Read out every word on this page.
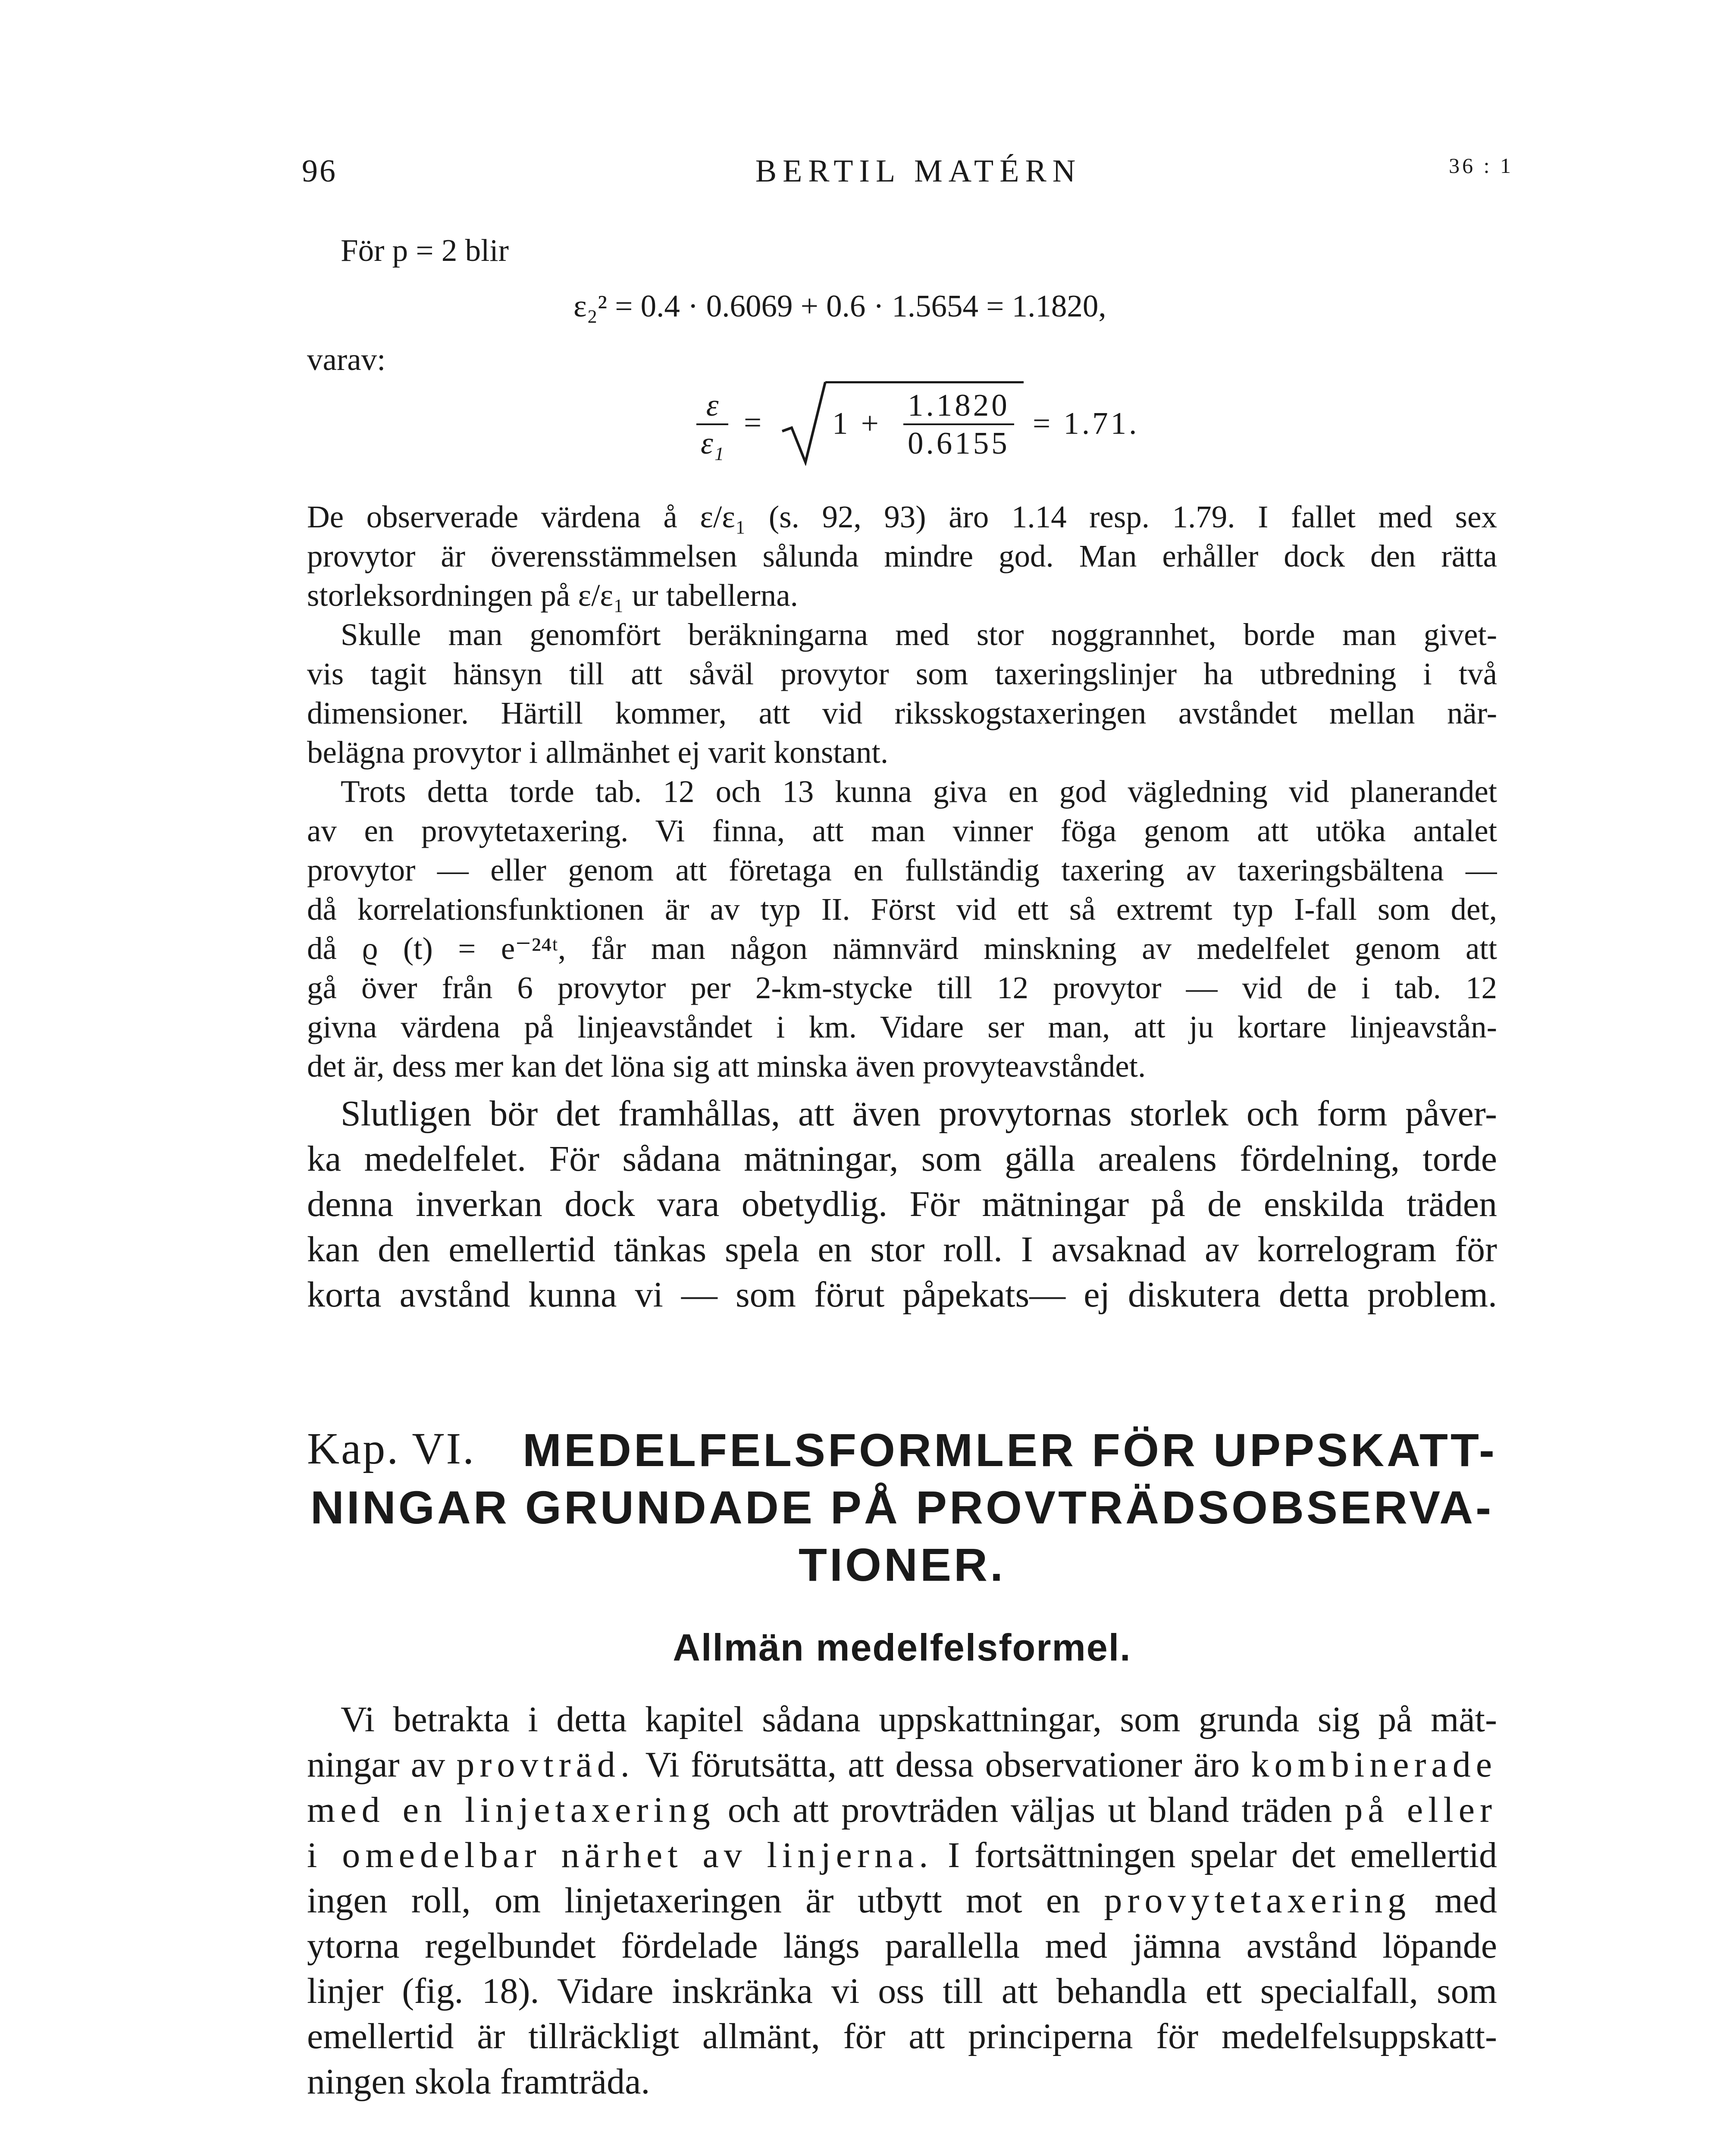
96	BERTIL MATÉRN	36 : 1
För p = 2 blir
ε₂² = 0.4 · 0.6069 + 0.6 · 1.5654 = 1.1820,
varav:
$\frac{\varepsilon}{\text{ε₁}} = 1 + \frac{1.1820}{0.6155} = 1.71$.
De observerade värdena å ε/ε₁ (s. 92, 93) äro 1.14 resp. 1.79. I fallet med sex
provytor är överensstämmelsen sålunda mindre god. Man erhåller dock den rätta
storleksordningen på ε/ε₁ ur tabellerna.
Skulle man genomfört beräkningarna med stor noggrannhet, borde man givet-
vis tagit hänsyn till att såväl provytor som taxeringslinjer ha utbredning i två
dimensioner. Härtill kommer, att vid riksskogstaxeringen avståndet mellan när-
belägna provytor i allmänhet ej varit konstant.
Trots detta torde tab. 12 och 13 kunna giva en god vägledning vid planerandet
av en provytetaxering. Vi finna, att man vinner föga genom att utöka antalet
provytor — eller genom att företaga en fullständig taxering av taxeringsbältena —
då korrelationsfunktionen är av typ II. Först vid ett så extremt typ I-fall som det,
då ϱ (t) = e⁻²⁴ᵗ, får man någon nämnvärd minskning av medelfelet genom att
gå över från 6 provytor per 2-km-stycke till 12 provytor — vid de i tab. 12
givna värdena på linjeavståndet i km. Vidare ser man, att ju kortare linjeavstån-
det är, dess mer kan det löna sig att minska även provyteavståndet.
Slutligen bör det framhållas, att även provytornas storlek och form påver-
ka medelfelet. För sådana mätningar, som gälla arealens fördelning, torde
denna inverkan dock vara obetydlig. För mätningar på de enskilda träden
kan den emellertid tänkas spela en stor roll. I avsaknad av korrelogram för
korta avstånd kunna vi — som förut påpekats— ej diskutera detta problem.
Kap. VI. MEDELFELSFORMLER FÖR UPPSKATT-
NINGAR GRUNDADE PÅ PROVTRÄDSOBSERVA-
TIONER.
Allmän medelfelsformel.
Vi betrakta i detta kapitel sådana uppskattningar, som grunda sig på mät-
ningar av provträd. Vi förutsätta, att dessa observationer äro kombinerade
med en linjetaxering och att provträden väljas ut bland träden på eller
i omedelbar närhet av linjerna. I fortsättningen spelar det emellertid
ingen roll, om linjetaxeringen är utbytt mot en provytetaxering med
ytorna regelbundet fördelade längs parallella med jämna avstånd löpande
linjer (fig. 18). Vidare inskränka vi oss till att behandla ett specialfall, som
emellertid är tillräckligt allmänt, för att principerna för medelfelsuppskatt-
ningen skola framträda.
